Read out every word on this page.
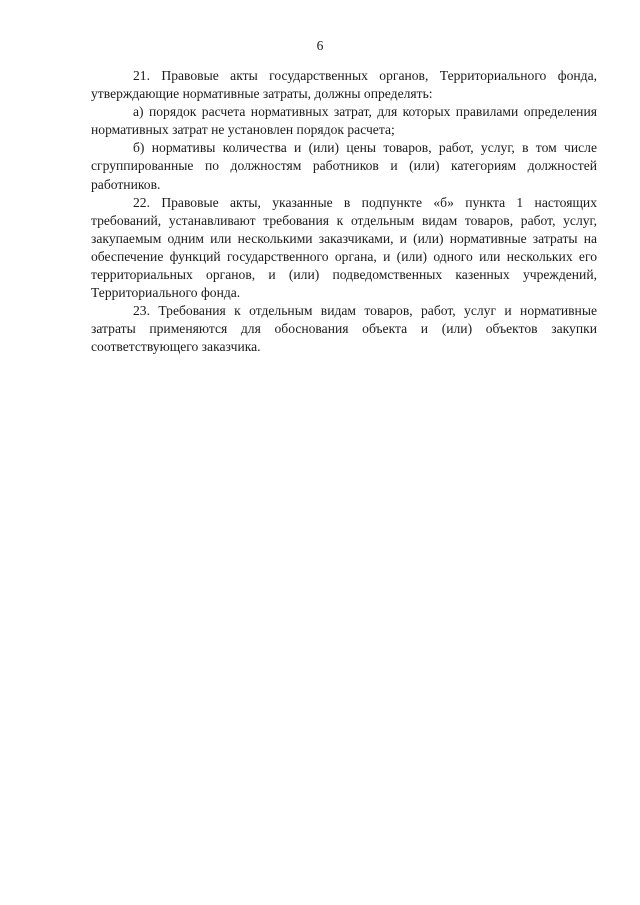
6

21. Правовые акты государственных органов, Территориального фонда, утверждающие нормативные затраты, должны определять:

а) порядок расчета нормативных затрат, для которых правилами определения нормативных затрат не установлен порядок расчета;

б) нормативы количества и (или) цены товаров, работ, услуг, в том числе сгруппированные по должностям работников и (или) категориям должностей работников.

22. Правовые акты, указанные в подпункте «б» пункта 1 настоящих требований, устанавливают требования к отдельным видам товаров, работ, услуг, закупаемым одним или несколькими заказчиками, и (или) нормативные затраты на обеспечение функций государственного органа, и (или) одного или нескольких его территориальных органов, и (или) подведомственных казенных учреждений, Территориального фонда.

23. Требования к отдельным видам товаров, работ, услуг и нормативные затраты применяются для обоснования объекта и (или) объектов закупки соответствующего заказчика.
